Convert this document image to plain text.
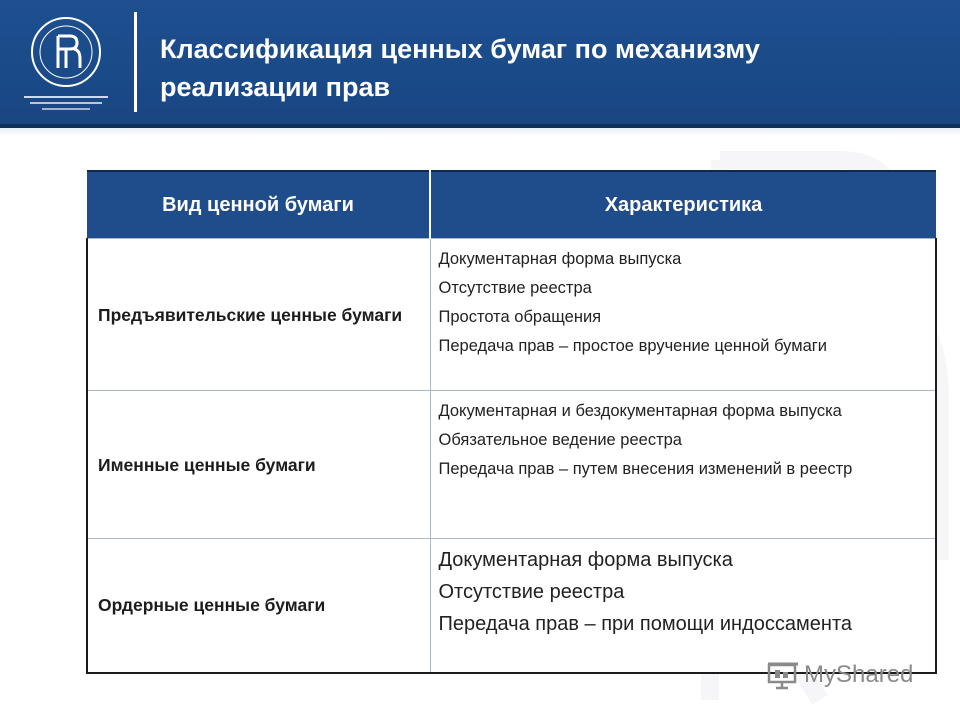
Классификация ценных бумаг по механизму
реализации прав
Вид ценной бумаги	Характеристика
Предъявительские ценные бумаги	Документарная форма выпуска
Отсутствие реестра
Простота обращения
Передача прав – простое вручение ценной бумаги

Именные ценные бумаги	Документарная и бездокументарная форма выпуска
Обязательное ведение реестра
Передача прав – путем внесения изменений в реестр

Ордерные ценные бумаги	Документарная форма выпуска
Отсутствие реестра
Передача прав – при помощи индоссамента
MyShared
